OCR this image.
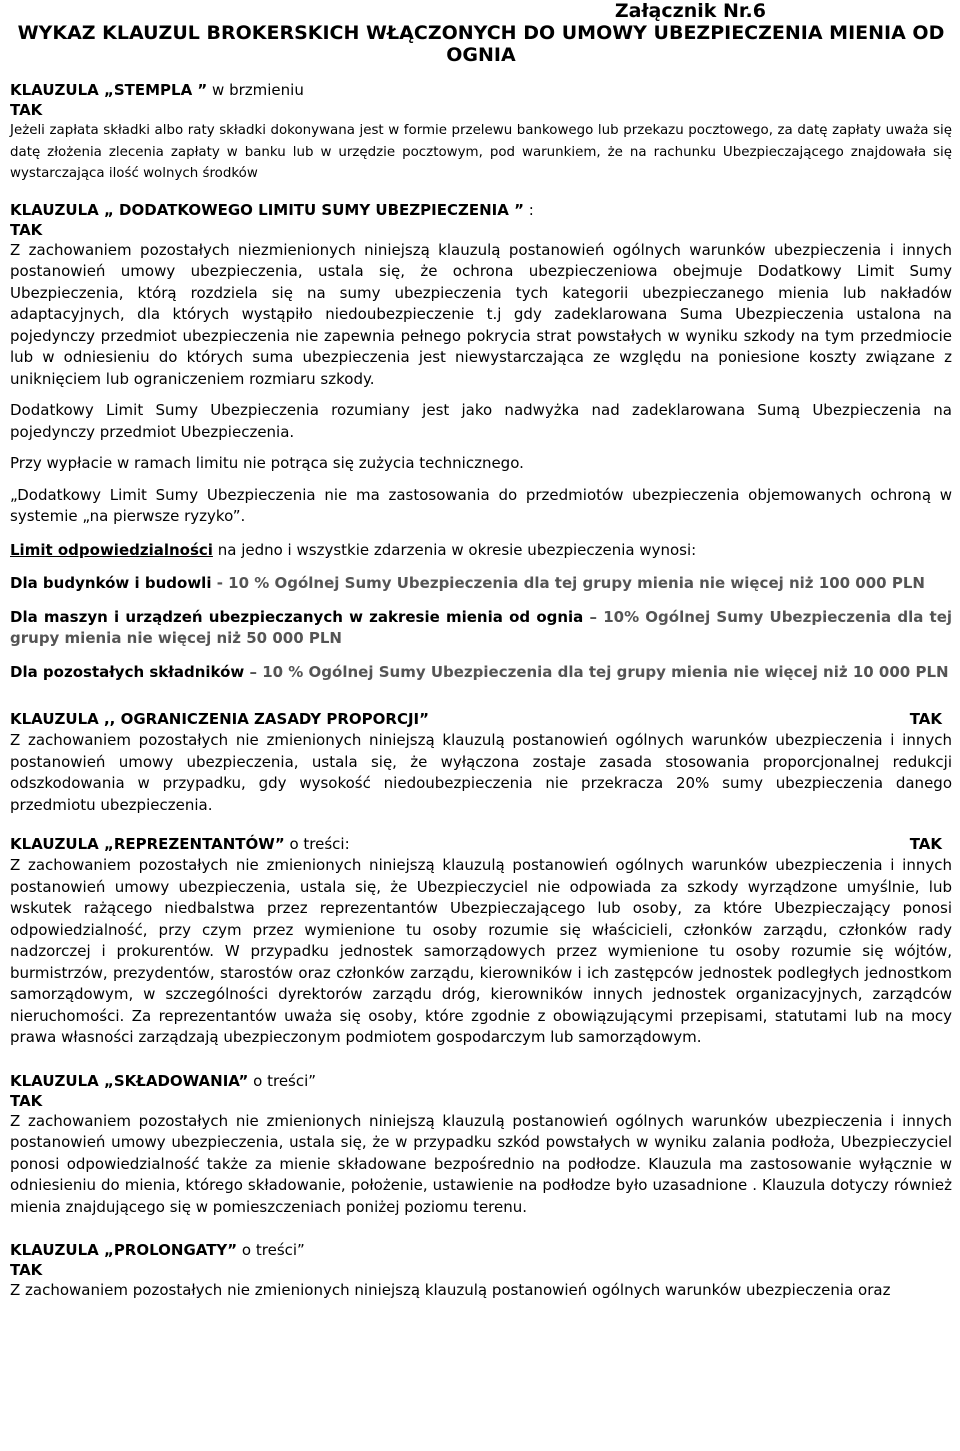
Załącznik Nr.6
WYKAZ KLAUZUL BROKERSKICH WŁĄCZONYCH DO UMOWY UBEZPIECZENIA MIENIA OD OGNIA
KLAUZULA „STEMPLA ” w brzmieniu
TAK

Jeżeli zapłata składki albo raty składki dokonywana jest w formie przelewu bankowego lub przekazu pocztowego, za datę zapłaty uważa się datę złożenia zlecenia zapłaty w banku lub w urzędzie pocztowym, pod warunkiem, że na rachunku Ubezpieczającego znajdowała się wystarczająca ilość wolnych środków

KLAUZULA „ DODATKOWEGO LIMITU SUMY UBEZPIECZENIA ” :
TAK

Z zachowaniem pozostałych niezmienionych niniejszą klauzulą postanowień ogólnych warunków ubezpieczenia i innych postanowień umowy ubezpieczenia, ustala się, że ochrona ubezpieczeniowa obejmuje Dodatkowy Limit Sumy Ubezpieczenia, którą rozdziela się na sumy ubezpieczenia tych kategorii ubezpieczanego mienia lub nakładów adaptacyjnych, dla których wystąpiło niedoubezpieczenie t.j gdy zadeklarowana Suma Ubezpieczenia ustalona na pojedynczy przedmiot ubezpieczenia nie zapewnia pełnego pokrycia strat powstałych w wyniku szkody na tym przedmiocie lub w odniesieniu do których suma ubezpieczenia jest niewystarczająca ze względu na poniesione koszty związane z uniknięciem lub ograniczeniem rozmiaru szkody.

Dodatkowy Limit Sumy Ubezpieczenia rozumiany jest jako nadwyżka nad zadeklarowana Sumą Ubezpieczenia na pojedynczy przedmiot Ubezpieczenia.

Przy wypłacie w ramach limitu nie potrąca się zużycia technicznego.

„Dodatkowy Limit Sumy Ubezpieczenia nie ma zastosowania do przedmiotów ubezpieczenia objemowanych ochroną w systemie „na pierwsze ryzyko”.

Limit odpowiedzialności na jedno i wszystkie zdarzenia w okresie ubezpieczenia wynosi:

Dla budynków i budowli - 10 % Ogólnej Sumy Ubezpieczenia dla tej grupy mienia nie więcej niż 100 000 PLN

Dla maszyn i urządzeń ubezpieczanych w zakresie mienia od ognia – 10% Ogólnej Sumy Ubezpieczenia dla tej grupy mienia nie więcej niż 50 000 PLN

Dla pozostałych składników – 10 % Ogólnej Sumy Ubezpieczenia dla tej grupy mienia nie więcej niż 10 000 PLN

KLAUZULA ,, OGRANICZENIA ZASADY PROPORCJI”	TAK

Z zachowaniem pozostałych nie zmienionych niniejszą klauzulą postanowień ogólnych warunków ubezpieczenia i innych postanowień umowy ubezpieczenia, ustala się, że wyłączona zostaje zasada stosowania proporcjonalnej redukcji odszkodowania w przypadku, gdy wysokość niedoubezpieczenia nie przekracza 20% sumy ubezpieczenia danego przedmiotu ubezpieczenia.

KLAUZULA „REPREZENTANTÓW” o treści:	TAK

Z zachowaniem pozostałych nie zmienionych niniejszą klauzulą postanowień ogólnych warunków ubezpieczenia i innych postanowień umowy ubezpieczenia, ustala się, że Ubezpieczyciel nie odpowiada za szkody wyrządzone umyślnie, lub wskutek rażącego niedbalstwa przez reprezentantów Ubezpieczającego lub osoby, za które Ubezpieczający ponosi odpowiedzialność, przy czym przez wymienione tu osoby rozumie się właścicieli, członków zarządu, członków rady nadzorczej i prokurentów. W przypadku jednostek samorządowych przez wymienione tu osoby rozumie się wójtów, burmistrzów, prezydentów, starostów oraz członków zarządu, kierowników i ich zastępców jednostek podległych jednostkom samorządowym, w szczególności dyrektorów zarządu dróg, kierowników innych jednostek organizacyjnych, zarządców nieruchomości. Za reprezentantów uważa się osoby, które zgodnie z obowiązującymi przepisami, statutami lub na mocy prawa własności zarządzają ubezpieczonym podmiotem gospodarczym lub samorządowym.

KLAUZULA „SKŁADOWANIA” o treści”
TAK

Z zachowaniem pozostałych nie zmienionych niniejszą klauzulą postanowień ogólnych warunków ubezpieczenia i innych postanowień umowy ubezpieczenia, ustala się, że w przypadku szkód powstałych w wyniku zalania podłoża, Ubezpieczyciel ponosi odpowiedzialność także za mienie składowane bezpośrednio na podłodze. Klauzula ma zastosowanie wyłącznie w odniesieniu do mienia, którego składowanie, położenie, ustawienie na podłodze było uzasadnione . Klauzula dotyczy również mienia znajdującego się w pomieszczeniach poniżej poziomu terenu.

KLAUZULA „PROLONGATY” o treści”
TAK

Z zachowaniem pozostałych nie zmienionych niniejszą klauzulą postanowień ogólnych warunków ubezpieczenia oraz
